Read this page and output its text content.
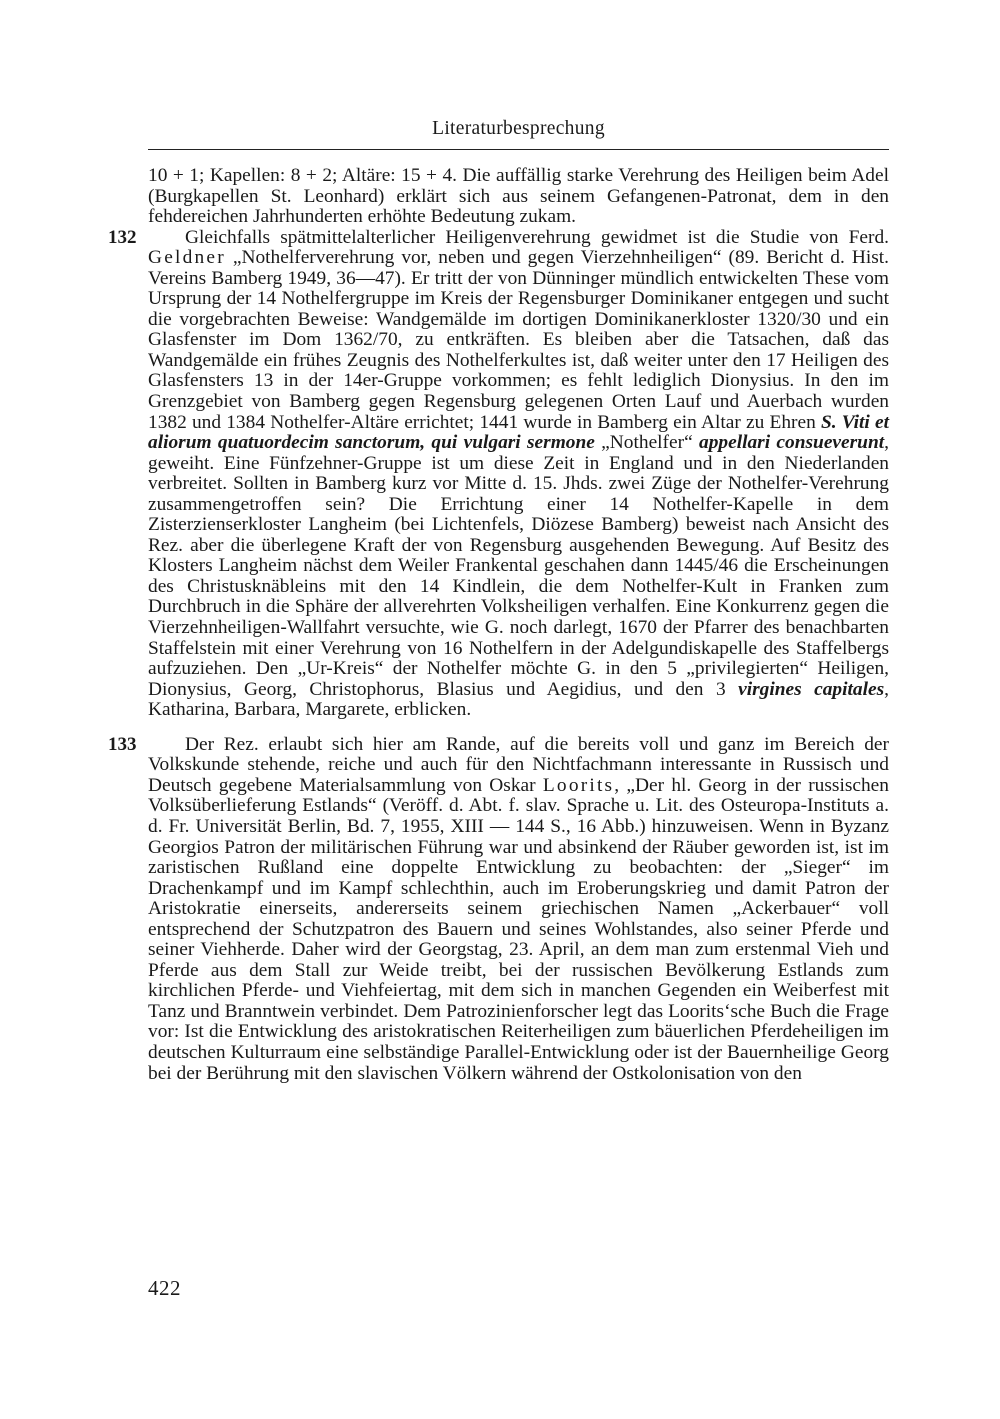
Literaturbesprechung

10 + 1; Kapellen: 8 + 2; Altäre: 15 + 4. Die auffällig starke Verehrung des Heiligen beim Adel (Burgkapellen St. Leonhard) erklärt sich aus seinem Gefangenen-Patronat, dem in den fehdereichen Jahrhunderten erhöhte Bedeutung zukam.

132	Gleichfalls spätmittelalterlicher Heiligenverehrung gewidmet ist die Studie von Ferd. Geldner „Nothelferverehrung vor, neben und gegen Vierzehnheiligen“ (89. Bericht d. Hist. Vereins Bamberg 1949, 36—47). Er tritt der von Dünninger mündlich entwickelten These vom Ursprung der 14 Nothelfergruppe im Kreis der Regensburger Dominikaner entgegen und sucht die vorgebrachten Beweise: Wandgemälde im dortigen Dominikanerkloster 1320/30 und ein Glasfenster im Dom 1362/70, zu entkräften. Es bleiben aber die Tatsachen, daß das Wandgemälde ein frühes Zeugnis des Nothelferkultes ist, daß weiter unter den 17 Heiligen des Glasfensters 13 in der 14er-Gruppe vorkommen; es fehlt lediglich Dionysius. In den im Grenzgebiet von Bamberg gegen Regensburg gelegenen Orten Lauf und Auerbach wurden 1382 und 1384 Nothelfer-Altäre errichtet; 1441 wurde in Bamberg ein Altar zu Ehren S. Viti et aliorum quatuordecim sanctorum, qui vulgari sermone „Nothelfer“ appellari consueverunt, geweiht. Eine Fünfzehner-Gruppe ist um diese Zeit in England und in den Niederlanden verbreitet. Sollten in Bamberg kurz vor Mitte d. 15. Jhds. zwei Züge der Nothelfer-Verehrung zusammengetroffen sein? Die Errichtung einer 14 Nothelfer-Kapelle in dem Zisterzienserkloster Langheim (bei Lichtenfels, Diözese Bamberg) beweist nach Ansicht des Rez. aber die überlegene Kraft der von Regensburg ausgehenden Bewegung. Auf Besitz des Klosters Langheim nächst dem Weiler Frankental geschahen dann 1445/46 die Erscheinungen des Christusknäbleins mit den 14 Kindlein, die dem Nothelfer-Kult in Franken zum Durchbruch in die Sphäre der allverehrten Volksheiligen verhalfen. Eine Konkurrenz gegen die Vierzehnheiligen-Wallfahrt versuchte, wie G. noch darlegt, 1670 der Pfarrer des benachbarten Staffelstein mit einer Verehrung von 16 Nothelfern in der Adelgundiskapelle des Staffelbergs aufzuziehen. Den „Ur-Kreis“ der Nothelfer möchte G. in den 5 „privilegierten“ Heiligen, Dionysius, Georg, Christophorus, Blasius und Aegidius, und den 3 virgines capitales, Katharina, Barbara, Margarete, erblicken.

133	Der Rez. erlaubt sich hier am Rande, auf die bereits voll und ganz im Bereich der Volkskunde stehende, reiche und auch für den Nichtfachmann interessante in Russisch und Deutsch gegebene Materialsammlung von Oskar Loorits, „Der hl. Georg in der russischen Volksüberlieferung Estlands“ (Veröff. d. Abt. f. slav. Sprache u. Lit. des Osteuropa-Instituts a. d. Fr. Universität Berlin, Bd. 7, 1955, XIII — 144 S., 16 Abb.) hinzuweisen. Wenn in Byzanz Georgios Patron der militärischen Führung war und absinkend der Räuber geworden ist, ist im zaristischen Rußland eine doppelte Entwicklung zu beobachten: der „Sieger“ im Drachenkampf und im Kampf schlechthin, auch im Eroberungskrieg und damit Patron der Aristokratie einerseits, andererseits seinem griechischen Namen „Ackerbauer“ voll entsprechend der Schutzpatron des Bauern und seines Wohlstandes, also seiner Pferde und seiner Viehherde. Daher wird der Georgstag, 23. April, an dem man zum erstenmal Vieh und Pferde aus dem Stall zur Weide treibt, bei der russischen Bevölkerung Estlands zum kirchlichen Pferde- und Viehfeiertag, mit dem sich in manchen Gegenden ein Weiberfest mit Tanz und Branntwein verbindet. Dem Patrozinienforscher legt das Loorits‘sche Buch die Frage vor: Ist die Entwicklung des aristokratischen Reiterheiligen zum bäuerlichen Pferdeheiligen im deutschen Kulturraum eine selbständige Parallel-Entwicklung oder ist der Bauernheilige Georg bei der Berührung mit den slavischen Völkern während der Ostkolonisation von den

422
